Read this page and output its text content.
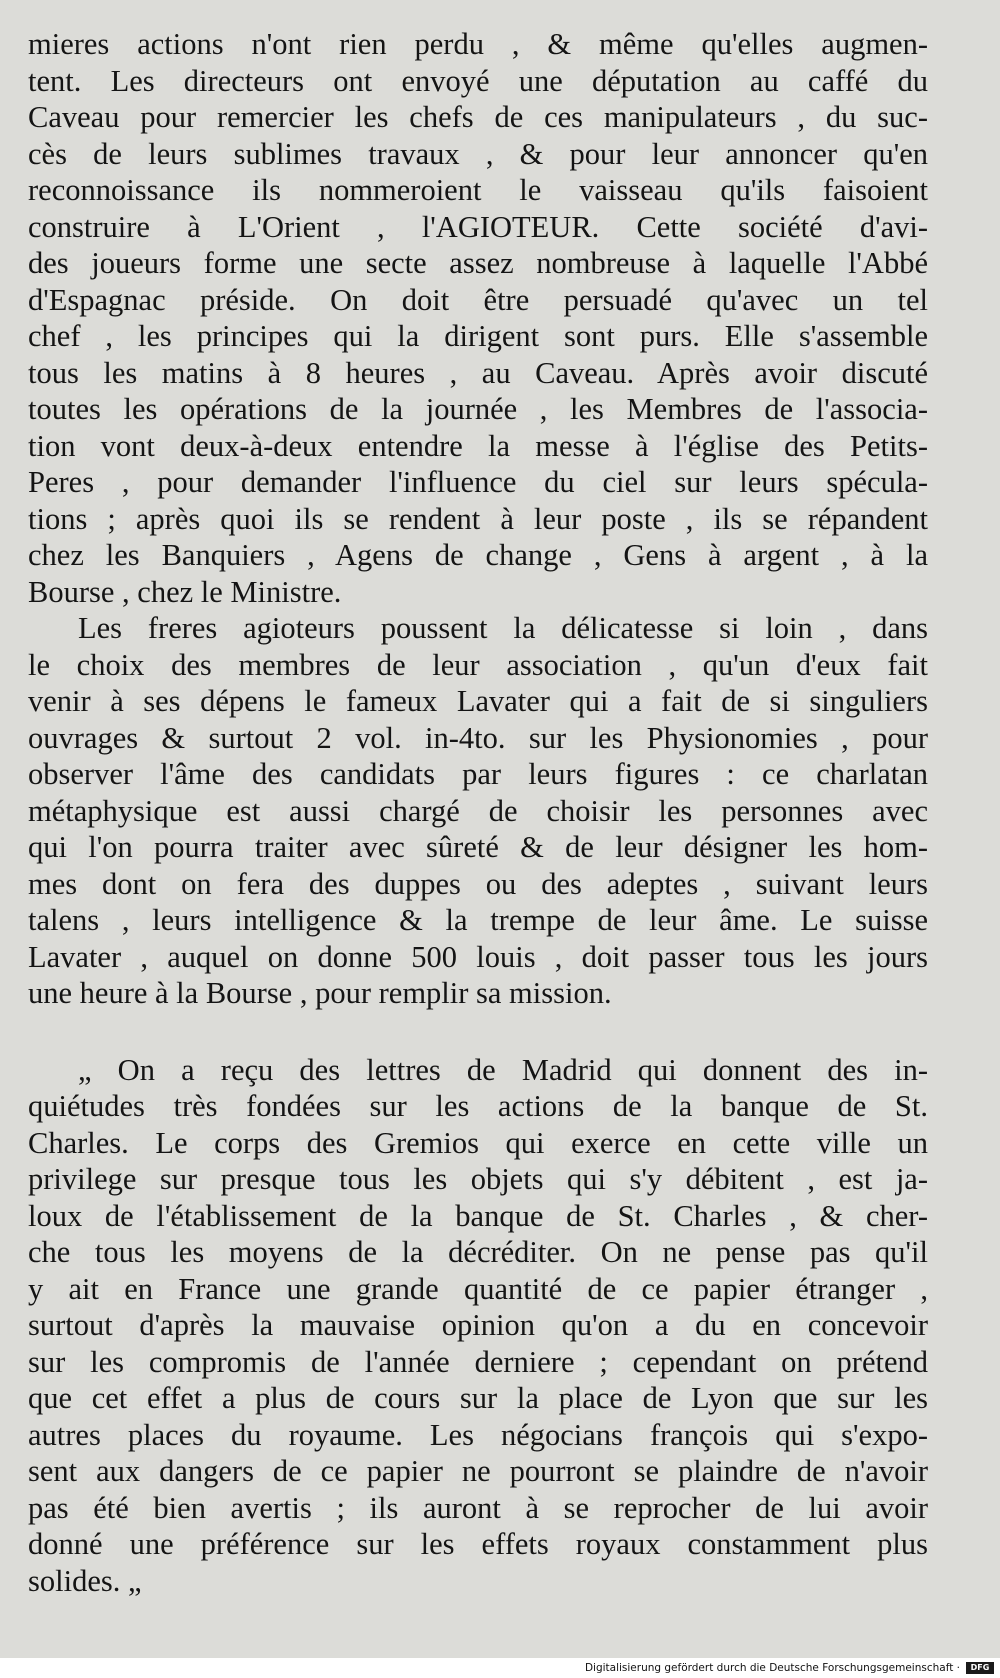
mieres actions n'ont rien perdu , & même qu'elles augmen-
tent. Les directeurs ont envoyé une députation au caffé du
Caveau pour remercier les chefs de ces manipulateurs , du suc-
cès de leurs sublimes travaux , & pour leur annoncer qu'en
reconnoissance ils nommeroient le vaisseau qu'ils faisoient
construire à L'Orient , l'AGIOTEUR. Cette société d'avi-
des joueurs forme une secte assez nombreuse à laquelle l'Abbé
d'Espagnac préside. On doit être persuadé qu'avec un tel
chef , les principes qui la dirigent sont purs. Elle s'assemble
tous les matins à 8 heures , au Caveau. Après avoir discuté
toutes les opérations de la journée , les Membres de l'associa-
tion vont deux-à-deux entendre la messe à l'église des Petits-
Peres , pour demander l'influence du ciel sur leurs spécula-
tions ; après quoi ils se rendent à leur poste , ils se répandent
chez les Banquiers , Agens de change , Gens à argent , à la
Bourse , chez le Ministre.
Les freres agioteurs poussent la délicatesse si loin , dans
le choix des membres de leur association , qu'un d'eux fait
venir à ses dépens le fameux Lavater qui a fait de si singuliers
ouvrages & surtout 2 vol. in-4to. sur les Physionomies , pour
observer l'âme des candidats par leurs figures : ce charlatan
métaphysique est aussi chargé de choisir les personnes avec
qui l'on pourra traiter avec sûreté & de leur désigner les hom-
mes dont on fera des duppes ou des adeptes , suivant leurs
talens , leurs intelligence & la trempe de leur âme. Le suisse
Lavater , auquel on donne 500 louis , doit passer tous les jours
une heure à la Bourse , pour remplir sa mission.
„ On a reçu des lettres de Madrid qui donnent des in-
quiétudes très fondées sur les actions de la banque de St.
Charles. Le corps des Gremios qui exerce en cette ville un
privilege sur presque tous les objets qui s'y débitent , est ja-
loux de l'établissement de la banque de St. Charles , & cher-
che tous les moyens de la décréditer. On ne pense pas qu'il
y ait en France une grande quantité de ce papier étranger ,
surtout d'après la mauvaise opinion qu'on a du en concevoir
sur les compromis de l'année derniere ; cependant on prétend
que cet effet a plus de cours sur la place de Lyon que sur les
autres places du royaume. Les négocians françois qui s'expo-
sent aux dangers de ce papier ne pourront se plaindre de n'avoir
pas été bien avertis ; ils auront à se reprocher de lui avoir
donné une préférence sur les effets royaux constamment plus
solides. „
Digitalisierung gefördert durch die Deutsche Forschungsgemeinschaft ·	DFG
